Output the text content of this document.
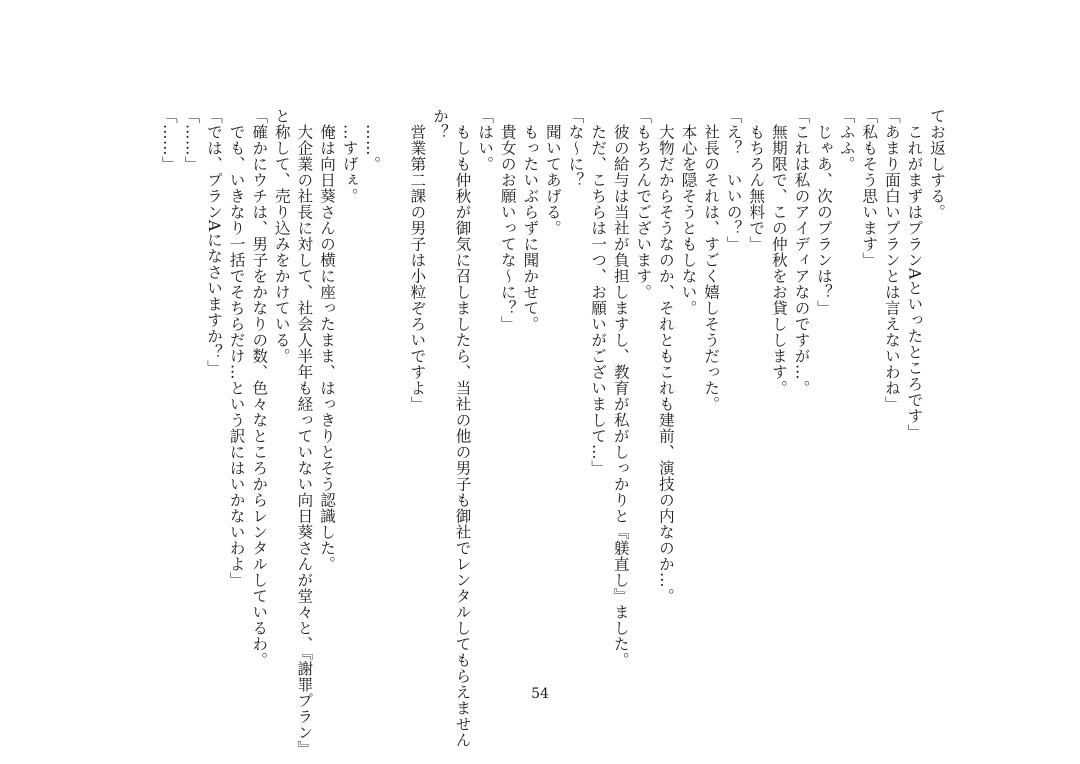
てお返しする。
　これがまずはプランAといったところです」
「あまり面白いプランとは言えないわね」
「私もそう思います」
「ふふ。
　じゃあ、次のプランは？」
「これは私のアイディアなのですが…。
　無期限で、この仲秋をお貸しします。
　もちろん無料で」
「え？　いいの？」
　社長のそれは、すごく嬉しそうだった。
　本心を隠そうともしない。
　大物だからそうなのか、それともこれも建前、演技の内なのか…。
「もちろんでございます。
　彼の給与は当社が負担しますし、教育が私がしっかりと『躾直し』ました。
　ただ、こちらは一つ、お願いがございまして…」
「な〜に？
　聞いてあげる。
　もったいぶらずに聞かせて。
　貴女のお願いってな〜に？」
「はい。
　もしも仲秋が御気に召しましたら、当社の他の男子も御社でレンタルしてもらえません
か？
　営業第二課の男子は小粒ぞろいですよ」

　……。
　…すげぇ。
　俺は向日葵さんの横に座ったまま、はっきりとそう認識した。
　大企業の社長に対して、社会人半年も経っていない向日葵さんが堂々と、『謝罪プラン』
と称して、売り込みをかけている。
「確かにウチは、男子をかなりの数、色々なところからレンタルしているわ。
　でも、いきなり一括でそちらだけ…という訳にはいかないわよ」
「では、プランAになさいますか？」
「……」
「……」
54
